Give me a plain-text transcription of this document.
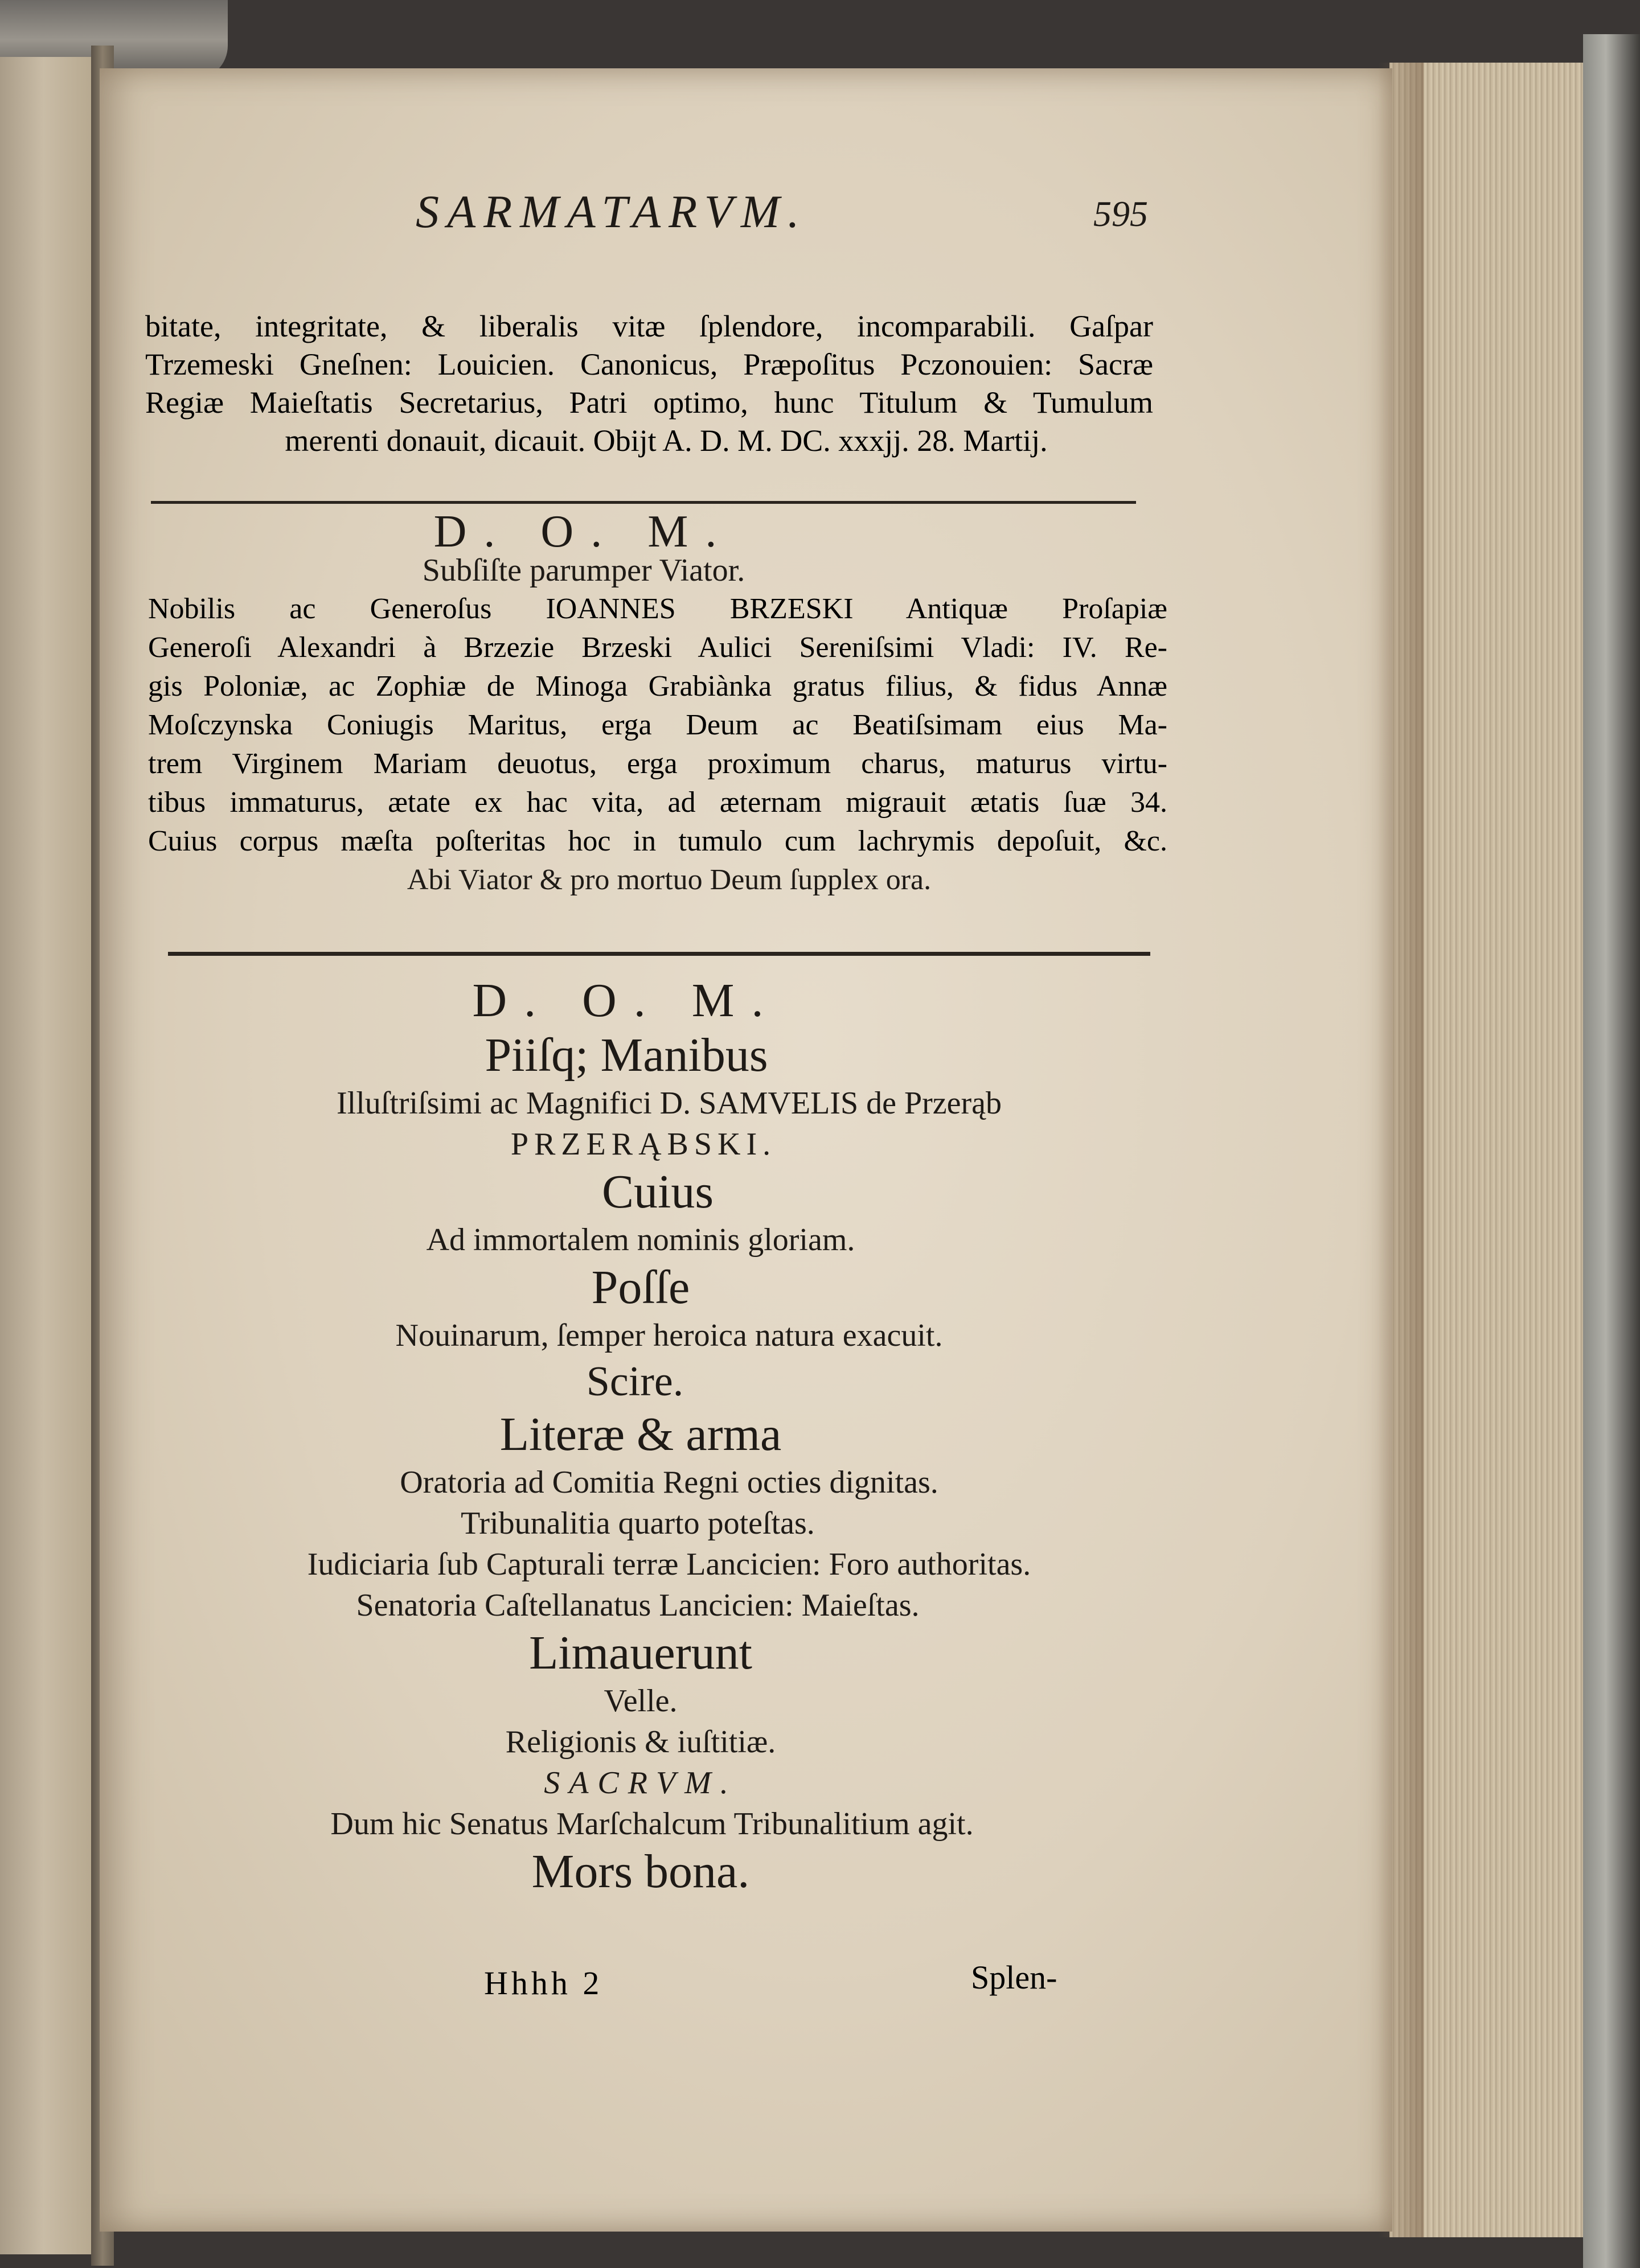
SARMATARVM.	595
bitate, integritate, & liberalis vitæ ſplendore, incomparabili. Gaſpar
Trzemeski Gneſnen: Louicien. Canonicus, Præpoſitus Pczonouien: Sacræ
Regiæ Maieſtatis Secretarius, Patri optimo, hunc Titulum & Tumulum
merenti donauit, dicauit. Obijt A. D. M. DC. xxxjj. 28. Martij.
D. O. M.
Subſiſte parumper Viator.
Nobilis ac Generoſus IOANNES BRZESKI Antiquæ Proſapiæ
Generoſi Alexandri à Brzezie Brzeski Aulici Sereniſsimi Vladi: IV. Re-
gis Poloniæ, ac Zophiæ de Minoga Grabiànka gratus filius, & fidus Annæ
Moſczynska Coniugis Maritus, erga Deum ac Beatiſsimam eius Ma-
trem Virginem Mariam deuotus, erga proximum charus, maturus virtu-
tibus immaturus, ætate ex hac vita, ad æternam migrauit ætatis ſuæ 34.
Cuius corpus mæſta poſteritas hoc in tumulo cum lachrymis depoſuit, &c.
Abi Viator & pro mortuo Deum ſupplex ora.
D. O. M.
Piiſq; Manibus
Illuſtriſsimi ac Magnifici D. SAMVELIS de Przerąb
PRZERĄBSKI.
Cuius
Ad immortalem nominis gloriam.
Poſſe
Nouinarum, ſemper heroica natura exacuit.
Scire.
Literæ & arma
Oratoria ad Comitia Regni octies dignitas.
Tribunalitia quarto poteſtas.
Iudiciaria ſub Capturali terræ Lancicien: Foro authoritas.
Senatoria Caſtellanatus Lancicien: Maieſtas.
Limauerunt
Velle.
Religionis & iuſtitiæ.
SACRVM.
Dum hic Senatus Marſchalcum Tribunalitium agit.
Mors bona.
Hhhh 2	Splen-
